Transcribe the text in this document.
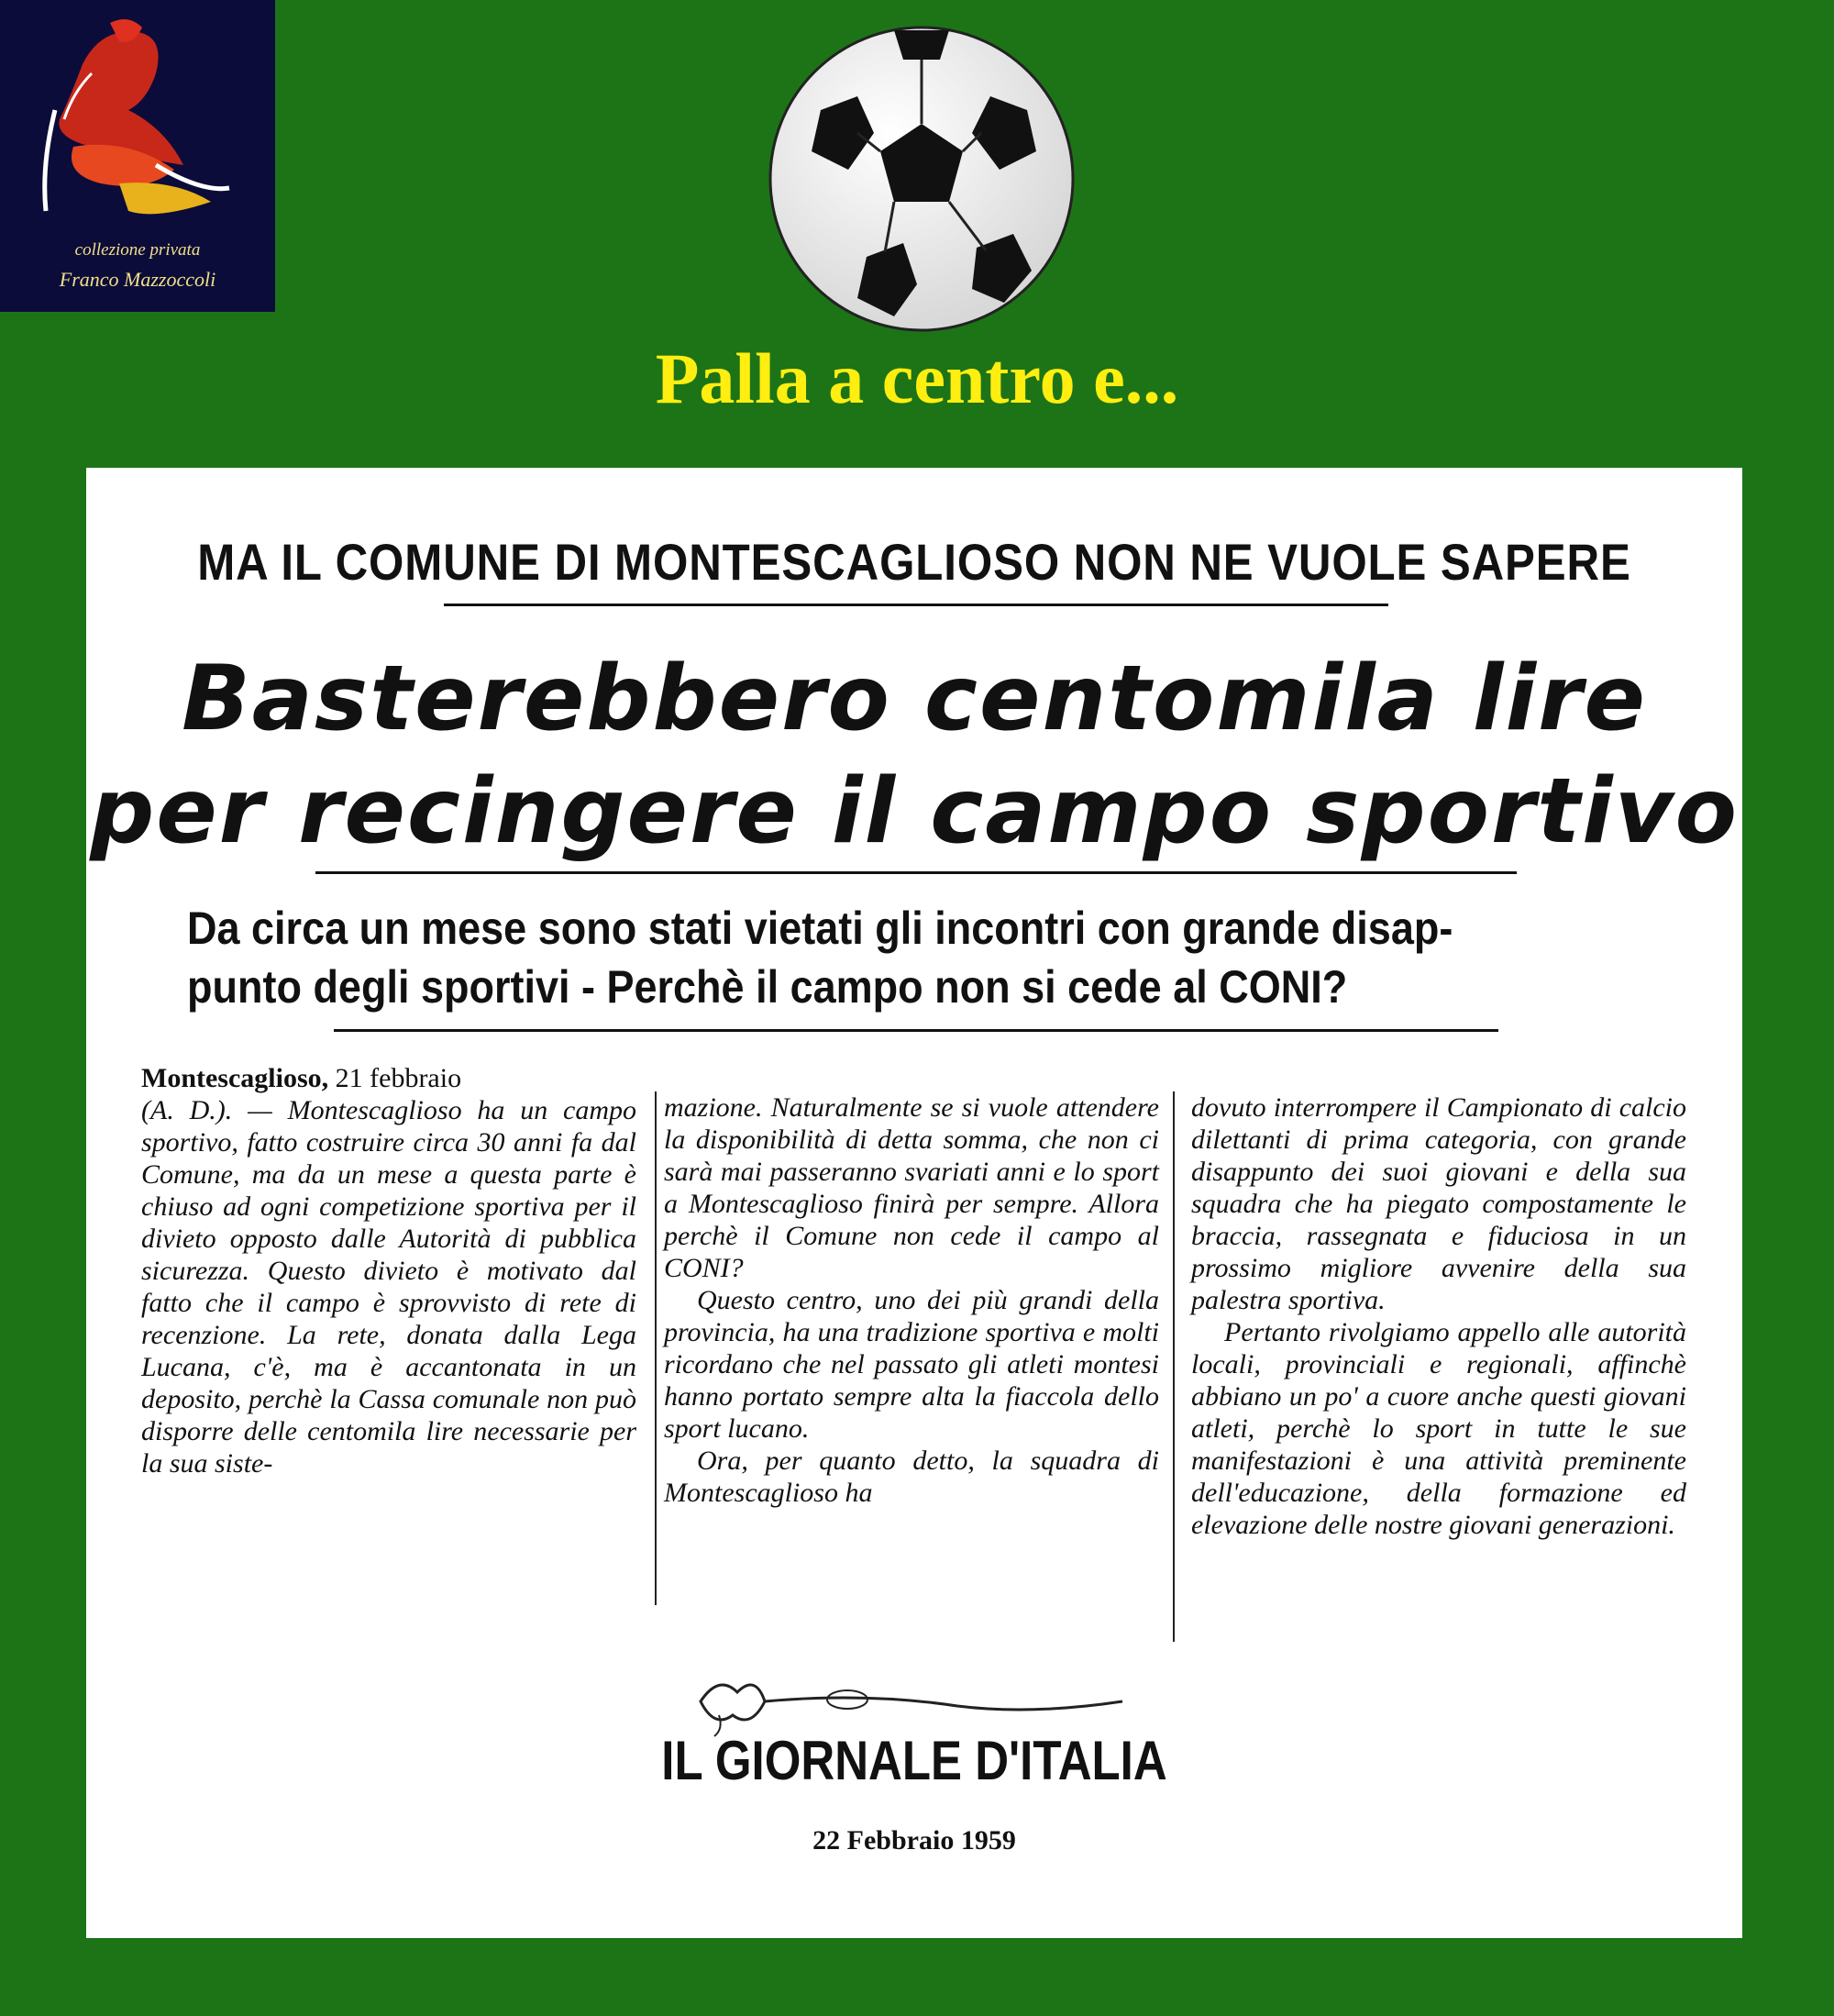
collezione privata
Franco Mazzoccoli
Palla a centro e...
MA IL COMUNE DI MONTESCAGLIOSO NON NE VUOLE SAPERE
Basterebbero centomila lire
per recingere il campo sportivo
Da circa un mese sono stati vietati gli incontri con grande disap-
punto degli sportivi - Perchè il campo non si cede al CONI?

Montescaglioso, 21 febbraio

(A. D.). — Montescaglioso ha un campo sportivo, fatto costruire circa 30 anni fa dal Comune, ma da un mese a questa parte è chiuso ad ogni competizione sportiva per il divieto opposto dalle Autorità di pubblica sicurezza. Questo divieto è motivato dal fatto che il campo è sprovvisto di rete di recenzione. La rete, donata dalla Lega Lucana, c'è, ma è accantonata in un deposito, perchè la Cassa comunale non può disporre delle centomila lire necessarie per la sua siste-

mazione. Naturalmente se si vuole attendere la disponibilità di detta somma, che non ci sarà mai passeranno svariati anni e lo sport a Montescaglioso finirà per sempre. Allora perchè il Comune non cede il campo al CONI?

Questo centro, uno dei più grandi della provincia, ha una tradizione sportiva e molti ricordano che nel passato gli atleti montesi hanno portato sempre alta la fiaccola dello sport lucano.

Ora, per quanto detto, la squadra di Montescaglioso ha

dovuto interrompere il Campionato di calcio dilettanti di prima categoria, con grande disappunto dei suoi giovani e della sua squadra che ha piegato compostamente le braccia, rassegnata e fiduciosa in un prossimo migliore avvenire della sua palestra sportiva.

Pertanto rivolgiamo appello alle autorità locali, provinciali e regionali, affinchè abbiano un po' a cuore anche questi giovani atleti, perchè lo sport in tutte le sue manifestazioni è una attività preminente dell'educazione, della formazione ed elevazione delle nostre giovani generazioni.

IL GIORNALE D'ITALIA
22 Febbraio 1959
